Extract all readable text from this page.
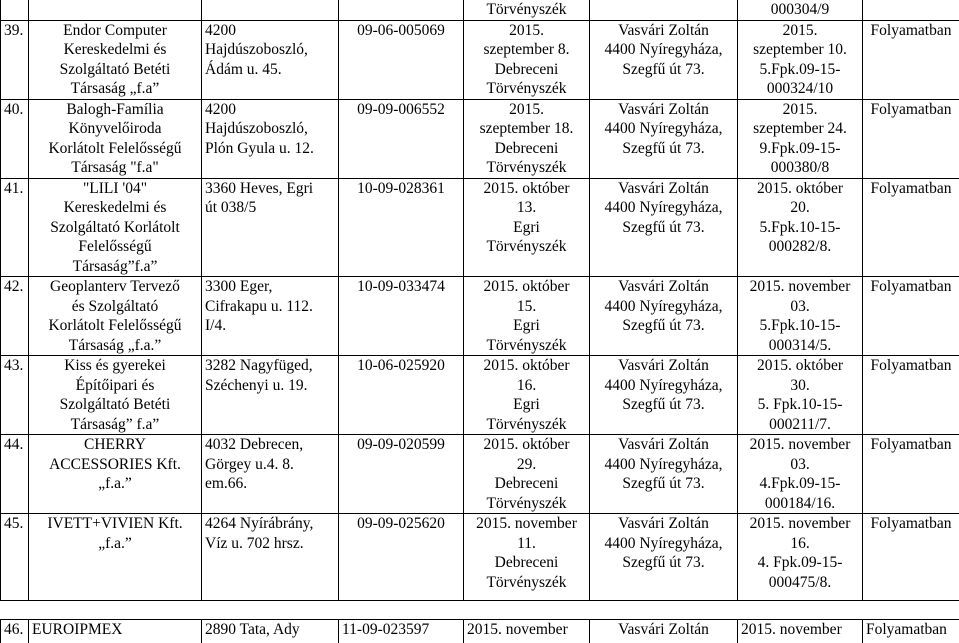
				Törvényszék		000304/9	
39.	Endor Computer
Kereskedelmi és
Szolgáltató Betéti
Társaság „f.a”	4200
Hajdúszoboszló,
Ádám u. 45.	09-06-005069	2015.
szeptember 8.
Debreceni
Törvényszék	Vasvári Zoltán
4400 Nyíregyháza,
Szegfű út 73.	2015.
szeptember 10.
5.Fpk.09-15-
000324/10	Folyamatban
40.	Balogh-Família
Könyvelőiroda
Korlátolt Felelősségű
Társaság "f.a"	4200
Hajdúszoboszló,
Plón Gyula u. 12.	09-09-006552	2015.
szeptember 18.
Debreceni
Törvényszék	Vasvári Zoltán
4400 Nyíregyháza,
Szegfű út 73.	2015.
szeptember 24.
9.Fpk.09-15-
000380/8	Folyamatban
41.	"LILI '04"
Kereskedelmi és
Szolgáltató Korlátolt
Felelősségű
Társaság”f.a”	3360 Heves, Egri
út 038/5	10-09-028361	2015. október
13.
Egri
Törvényszék	Vasvári Zoltán
4400 Nyíregyháza,
Szegfű út 73.	2015. október
20.
5.Fpk.10-15-
000282/8.	Folyamatban
42.	Geoplanterv Tervező
és Szolgáltató
Korlátolt Felelősségű
Társaság „f.a.”	3300 Eger,
Cifrakapu u. 112.
I/4.	10-09-033474	2015. október
15.
Egri
Törvényszék	Vasvári Zoltán
4400 Nyíregyháza,
Szegfű út 73.	2015. november
03.
5.Fpk.10-15-
000314/5.	Folyamatban
43.	Kiss és gyerekei
Építőipari és
Szolgáltató Betéti
Társaság” f.a”	3282 Nagyfüged,
Széchenyi u. 19.	10-06-025920	2015. október
16.
Egri
Törvényszék	Vasvári Zoltán
4400 Nyíregyháza,
Szegfű út 73.	2015. október
30.
5. Fpk.10-15-
000211/7.	Folyamatban
44.	CHERRY
ACCESSORIES Kft.
„f.a.”	4032 Debrecen,
Görgey u.4. 8.
em.66.	09-09-020599	2015. október
29.
Debreceni
Törvényszék	Vasvári Zoltán
4400 Nyíregyháza,
Szegfű út 73.	2015. november
03.
4.Fpk.09-15-
000184/16.	Folyamatban
45.	IVETT+VIVIEN Kft.
„f.a.”	4264 Nyírábrány,
Víz u. 702 hrsz.	09-09-025620	2015. november
11.
Debreceni
Törvényszék	Vasvári Zoltán
4400 Nyíregyháza,
Szegfű út 73.	2015. november
16.
4. Fpk.09-15-
000475/8.	Folyamatban

46.	EUROIPMEX	2890 Tata, Ady	11-09-023597	2015. november	Vasvári Zoltán	2015. november	Folyamatban
